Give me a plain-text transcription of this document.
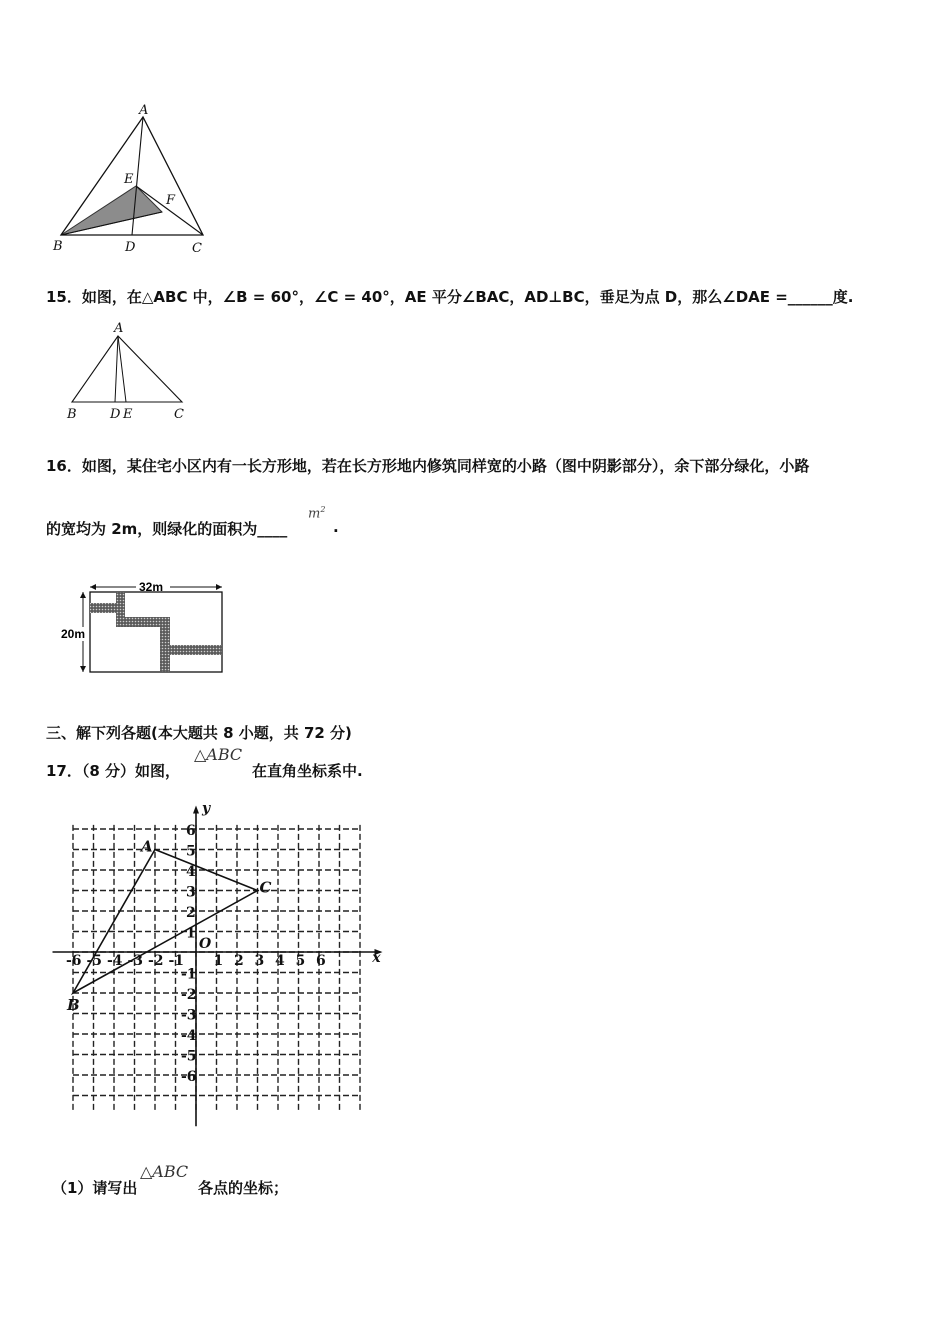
A
B	C
D
E
F
15．如图，在△ABC 中，∠B = 60°，∠C = 40°，AE 平分∠BAC，AD⊥BC，垂足为点 D，那么∠DAE =______度.
A
B	D E	C
16．如图，某住宅小区内有一长方形地，若在长方形地内修筑同样宽的小路（图中阴影部分），余下部分绿化，小路
的宽均为 2m，则绿化的面积为____
$m^2$
.
32m
20m
三、解下列各题(本大题共 8 小题，共 72 分)
17．（8 分）如图，
△ABC
在直角坐标系中.
-6 -5 -4 -3 -2 -1 1 2 3 4 5 6
6
5
4
3
2
1
-1
-2
-3
-4
-5
-6
A
B
C
x
y
O
（1）请写出
△ABC
各点的坐标；
